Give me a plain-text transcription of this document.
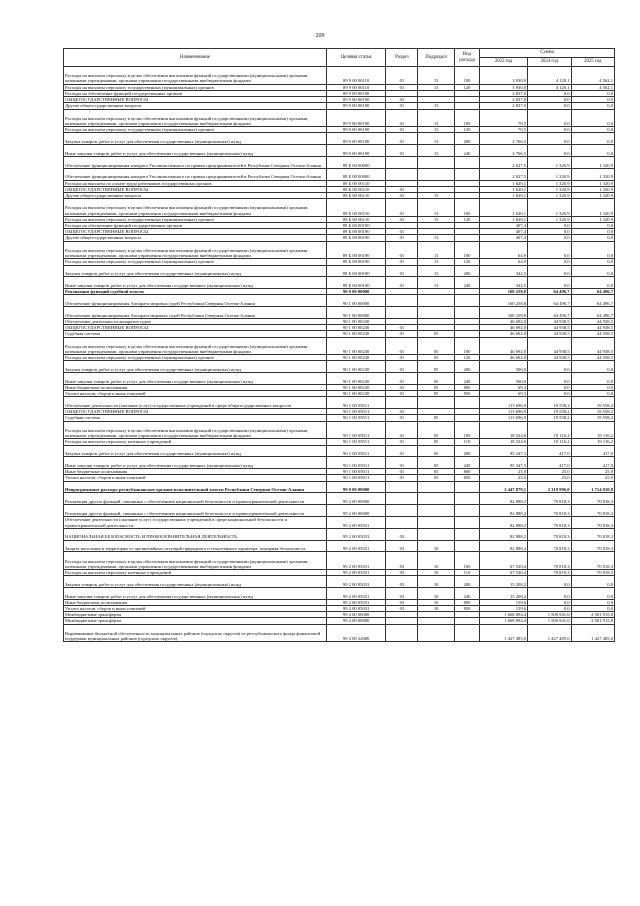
209
Наименование	Целевая статья	Раздел	Подраздел	Вид расхода	Сумма		
					2023 год	2024 год	2025 год
Расходы на выплаты персоналу в целях обеспечения выполнения функций государственными (муниципальными) органами, казенными учреждениями, органами управления государственными внебюджетными фондами	89 9 00 00110	01	13	100	3 930,0	4 120,1	4 562,1
Расходы на выплаты персоналу государственных (муниципальных) органов	89 9 00 00110	01	13	120	3 930,0	4 120,1	4 562,1
Расходы на обеспечение функций государственных органов	89 9 00 00190				2 837,0	0,0	0,0
ОБЩЕГОСУДАРСТВЕННЫЕ ВОПРОСЫ	89 9 00 00190	01			2 837,0	0,0	0,0
Другие общегосударственные вопросы	89 9 00 00190	01	13		2 837,0	0,0	0,0
Расходы на выплаты персоналу в целях обеспечения выполнения функций государственными (муниципальными) органами, казенными учреждениями, органами управления государственными внебюджетными фондами	89 9 00 00190	01	13	100	70,5	0,0	0,0
Расходы на выплаты персоналу государственных (муниципальных) органов	89 9 00 00190	01	13	120	70,5	0,0	0,0
Закупка товаров, работ и услуг для обеспечения государственных (муниципальных) нужд	89 9 00 00190	01	13	200	2 766,5	0,0	0,0
Иные закупки товаров, работ и услуг для обеспечения государственных (муниципальных) нужд	89 9 00 00190	01	13	240	2 766,5	0,0	0,0
Обеспечение функционирования аппарата Уполномоченного по правам предпринимателей в Республике Северная Осетия-Алания	89 Б 00 00000				2 027,5	1 320,9	1 320,9
Обеспечение функционирования аппарата Уполномоченного по правам предпринимателей в Республике Северная Осетия-Алания	89 Б 00 00000				2 027,5	1 320,9	1 320,9
Расходы на выплаты по оплате труда работников государственных органов	89 Б 00 00110				1 620,1	1 320,9	1 320,9
ОБЩЕГОСУДАРСТВЕННЫЕ ВОПРОСЫ	89 Б 00 00110	01			1 620,1	1 320,9	1 320,9
Другие общегосударственные вопросы	89 Б 00 00110	01	13		1 620,1	1 320,9	1 320,9
Расходы на выплаты персоналу в целях обеспечения выполнения функций государственными (муниципальными) органами, казенными учреждениями, органами управления государственными внебюджетными фондами	89 Б 00 00110	01	13	100	1 620,1	1 320,9	1 320,9
Расходы на выплаты персоналу государственных (муниципальных) органов	89 Б 00 00110	01	13	120	1 620,1	1 320,9	1 320,9
Расходы на обеспечение функций государственных органов	89 Б 00 00190				407,4	0,0	0,0
ОБЩЕГОСУДАРСТВЕННЫЕ ВОПРОСЫ	89 Б 00 00190	01			407,4	0,0	0,0
Другие общегосударственные вопросы	89 Б 00 00190	01	13		407,4	0,0	0,0
Расходы на выплаты персоналу в целях обеспечения выполнения функций государственными (муниципальными) органами, казенными учреждениями, органами управления государственными внебюджетными фондами	89 Б 00 00190	01	13	100	64,9	0,0	0,0
Расходы на выплаты персоналу государственных (муниципальных) органов	89 Б 00 00190	01	13	120	64,9	0,0	0,0
Закупка товаров, работ и услуг для обеспечения государственных (муниципальных) нужд	89 Б 00 00190	01	13	200	342,5	0,0	0,0
Иные закупки товаров, работ и услуг для обеспечения государственных (муниципальных) нужд	89 Б 00 00190	01	13	240	342,5	0,0	0,0
Реализация функций судебной власти	90 0 00 00000				160 258,8	64 496,7	64 496,7
Обеспечение функционирования Аппарата мировых судей Республики Северная Осетия-Алания	90 1 00 00000				160 258,8	64 496,7	64 496,7
Обеспечение функционирования Аппарата мировых судей Республики Северная Осетия-Алания	90 1 00 00000				160 258,8	64 496,7	64 496,7
Обеспечение деятельности аппаратов судов	90 1 00 00230				46 692,0	44 938,5	44 938,5
ОБЩЕГОСУДАРСТВЕННЫЕ ВОПРОСЫ	90 1 00 00230	01			46 692,0	44 938,5	44 938,5
Судебная система	90 1 00 00230	01	05		46 692,0	44 938,5	44 938,5
Расходы на выплаты персоналу в целях обеспечения выполнения функций государственными (муниципальными) органами, казенными учреждениями, органами управления государственными внебюджетными фондами	90 1 00 00230	01	05	100	46 692,0	44 938,5	44 938,5
Расходы на выплаты персоналу государственных (муниципальных) органов	90 1 00 00230	01	05	120	46 692,0	44 938,5	44 938,5
Закупка товаров, работ и услуг для обеспечения государственных (муниципальных) нужд	90 1 00 00230	01	05	200	500,0	0,0	0,0
Иные закупки товаров, работ и услуг для обеспечения государственных (муниципальных) нужд	90 1 00 00230	01	05	240	500,0	0,0	0,0
Иные бюджетные ассигнования	90 1 00 00230	01	05	800	69,3	0,0	0,0
Уплата налогов, сборов и иных платежей	90 1 00 00230	01	05	850	69,3	0,0	0,0
Обеспечение деятельности (оказание услуг) государственных учреждений в сфере общегосударственных вопросов	90 1 00 05011				113 696,9	19 558,2	19 558,2
ОБЩЕГОСУДАРСТВЕННЫЕ ВОПРОСЫ	90 1 00 05011	01			113 696,9	19 558,2	19 558,2
Судебная система	90 1 00 05011	01	05		113 696,9	19 558,2	19 558,2
Расходы на выплаты персоналу в целях обеспечения выполнения функций государственными (муниципальными) органами, казенными учреждениями, органами управления государственными внебюджетными фондами	90 1 00 05011	01	05	100	18 324,6	19 116,2	19 116,2
Расходы на выплаты персоналу казенных учреждений	90 1 00 05011	01	05	110	18 324,6	19 116,2	19 116,2
Закупка товаров, работ и услуг для обеспечения государственных (муниципальных) нужд	90 1 00 05011	01	05	200	95 347,3	417,0	417,0
Иные закупки товаров, работ и услуг для обеспечения государственных (муниципальных) нужд	90 1 00 05011	01	05	240	95 347,3	417,0	417,0
Иные бюджетные ассигнования	90 1 00 05011	01	05	800	25,0	25,0	25,0
Уплата налогов, сборов и иных платежей	90 1 00 05011	01	05	850	25,0	25,0	25,0
Непрограммные расходы республиканских органов исполнительной власти Республики Северная Осетия-Алания	99 0 00 00000				2 447 879,1	2 319 996,0	1 714 010,8
Реализация других функций, связанных с обеспечением национальной безопасности и правоохранительной деятельности	99 2 00 00000				82 888,2	70 818,3	70 818,3
Реализация других функций, связанных с обеспечением национальной безопасности и правоохранительной деятельности	99 2 00 00000				82 888,2	70 818,3	70 818,3
Обеспечение деятельности (оказание услуг) государственных учреждений в сфере национальной безопасности и правоохранительной деятельности	99 2 00 05031				82 888,2	70 818,3	70 818,3
НАЦИОНАЛЬНАЯ БЕЗОПАСНОСТЬ И ПРАВООХРАНИТЕЛЬНАЯ ДЕЯТЕЛЬНОСТЬ	99 2 00 05031	03			82 888,2	70 818,3	70 818,3
Защита населения и территории от чрезвычайных ситуаций природного и техногенного характера, пожарная безопасность	99 2 00 05031	03	10		82 888,2	70 818,3	70 818,3
Расходы на выплаты персоналу в целях обеспечения выполнения функций государственными (муниципальными) органами, казенными учреждениями, органами управления государственными внебюджетными фондами	99 2 00 05031	03	10	100	67 520,4	70 818,3	70 818,3
Расходы на выплаты персоналу казенных учреждений	99 2 00 05031	03	10	110	67 520,4	70 818,3	70 818,3
Закупка товаров, работ и услуг для обеспечения государственных (муниципальных) нужд	99 2 00 05031	03	10	200	15 208,2	0,0	0,0
Иные закупки товаров, работ и услуг для обеспечения государственных (муниципальных) нужд	99 2 00 05031	03	10	240	15 208,2	0,0	0,0
Иные бюджетные ассигнования	99 2 00 05031	03	10	800	159,6	0,0	0,0
Уплата налогов, сборов и иных платежей	99 2 00 05031	03	10	850	159,6	0,0	0,0
Межбюджетные трансферты	99 4 00 00000				1 668 894,4	1 500 941,6	2 501 915,8
Межбюджетные трансферты	99 4 00 00000				1 668 894,4	1 500 941,6	2 501 915,8
Выравнивание бюджетной обеспеченности муниципальных районов (городских округов) из республиканского фонда финансовой поддержки муниципальных районов (городских округов)	99 4 00 22680				1 427 485,0	1 427 485,0	1 427 485,0
